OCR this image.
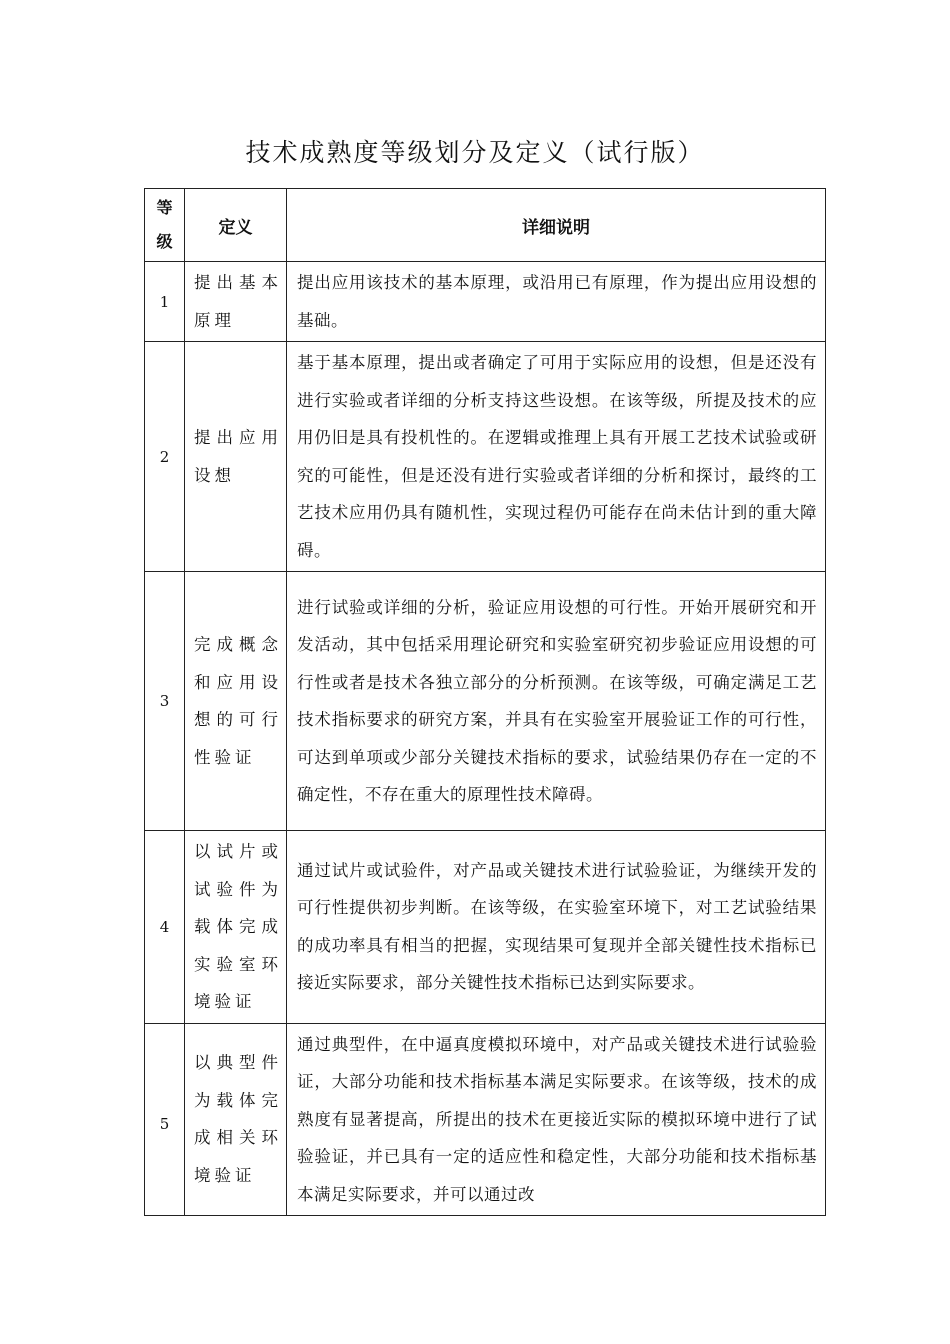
技术成熟度等级划分及定义（试行版）
等级	定义	详细说明
1	提出基本原理	提出应用该技术的基本原理，或沿用已有原理，作为提出应用设想的基础。
2	提出应用设想	基于基本原理，提出或者确定了可用于实际应用的设想，但是还没有进行实验或者详细的分析支持这些设想。在该等级，所提及技术的应用仍旧是具有投机性的。在逻辑或推理上具有开展工艺技术试验或研究的可能性，但是还没有进行实验或者详细的分析和探讨，最终的工艺技术应用仍具有随机性，实现过程仍可能存在尚未估计到的重大障碍。
3	完成概念和应用设想的可行性验证	进行试验或详细的分析，验证应用设想的可行性。开始开展研究和开发活动，其中包括采用理论研究和实验室研究初步验证应用设想的可行性或者是技术各独立部分的分析预测。在该等级，可确定满足工艺技术指标要求的研究方案，并具有在实验室开展验证工作的可行性，可达到单项或少部分关键技术指标的要求，试验结果仍存在一定的不确定性，不存在重大的原理性技术障碍。
4	以试片或试验件为载体完成实验室环境验证	通过试片或试验件，对产品或关键技术进行试验验证，为继续开发的可行性提供初步判断。在该等级，在实验室环境下，对工艺试验结果的成功率具有相当的把握，实现结果可复现并全部关键性技术指标已接近实际要求，部分关键性技术指标已达到实际要求。
5	以典型件为载体完成相关环境验证	通过典型件，在中逼真度模拟环境中，对产品或关键技术进行试验验证，大部分功能和技术指标基本满足实际要求。在该等级，技术的成熟度有显著提高，所提出的技术在更接近实际的模拟环境中进行了试验验证，并已具有一定的适应性和稳定性，大部分功能和技术指标基本满足实际要求，并可以通过改
